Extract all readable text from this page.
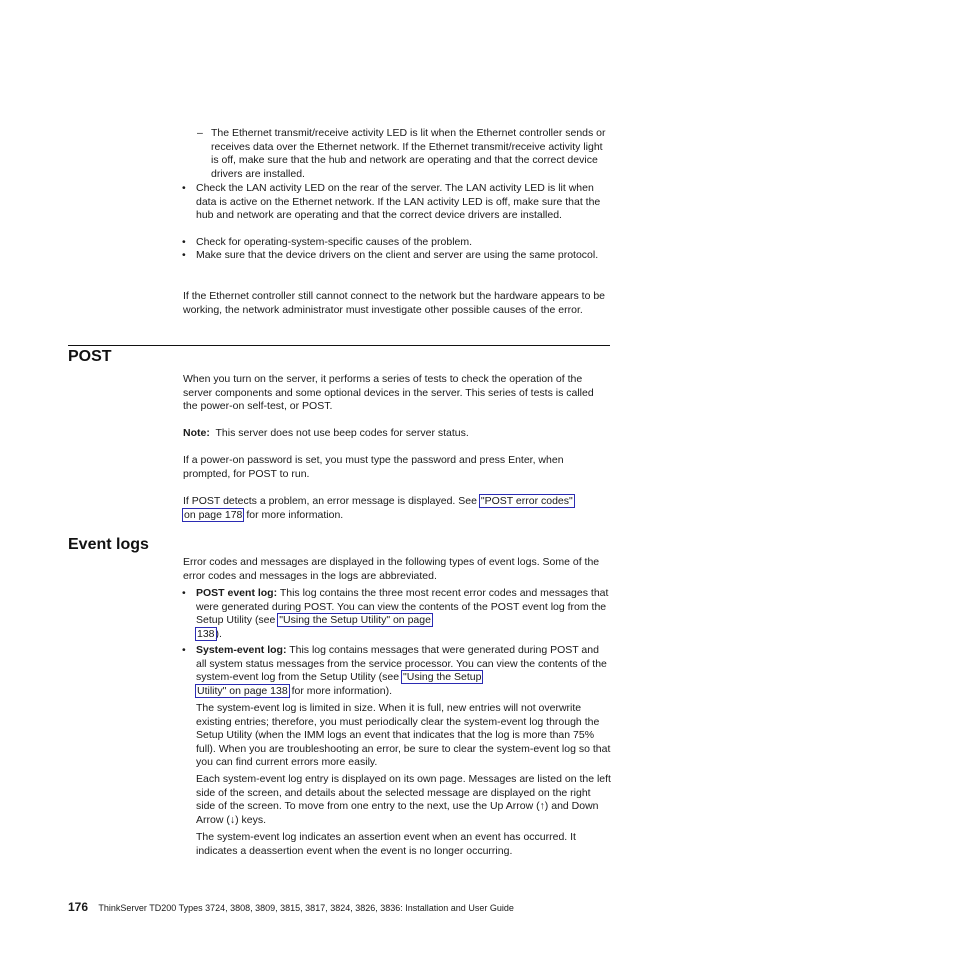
– The Ethernet transmit/receive activity LED is lit when the Ethernet controller sends or receives data over the Ethernet network. If the Ethernet transmit/receive activity light is off, make sure that the hub and network are operating and that the correct device drivers are installed.

• Check the LAN activity LED on the rear of the server. The LAN activity LED is lit when data is active on the Ethernet network. If the LAN activity LED is off, make sure that the hub and network are operating and that the correct device drivers are installed.

• Check for operating-system-specific causes of the problem.

• Make sure that the device drivers on the client and server are using the same protocol.

If the Ethernet controller still cannot connect to the network but the hardware appears to be working, the network administrator must investigate other possible causes of the error.

POST

When you turn on the server, it performs a series of tests to check the operation of the server components and some optional devices in the server. This series of tests is called the power-on self-test, or POST.

Note: This server does not use beep codes for server status.

If a power-on password is set, you must type the password and press Enter, when prompted, for POST to run.

If POST detects a problem, an error message is displayed. See "POST error codes"
on page 178 for more information.

Event logs

Error codes and messages are displayed in the following types of event logs. Some of the error codes and messages in the logs are abbreviated.

• POST event log: This log contains the three most recent error codes and messages that were generated during POST. You can view the contents of the POST event log from the Setup Utility (see "Using the Setup Utility" on page
138).

• System-event log: This log contains messages that were generated during POST and all system status messages from the service processor. You can view the contents of the system-event log from the Setup Utility (see "Using the Setup
Utility" on page 138 for more information).

The system-event log is limited in size. When it is full, new entries will not overwrite existing entries; therefore, you must periodically clear the system-event log through the Setup Utility (when the IMM logs an event that indicates that the log is more than 75% full). When you are troubleshooting an error, be sure to clear the system-event log so that you can find current errors more easily.

Each system-event log entry is displayed on its own page. Messages are listed on the left side of the screen, and details about the selected message are displayed on the right side of the screen. To move from one entry to the next, use the Up Arrow (↑) and Down Arrow (↓) keys.

The system-event log indicates an assertion event when an event has occurred. It indicates a deassertion event when the event is no longer occurring.

176 ThinkServer TD200 Types 3724, 3808, 3809, 3815, 3817, 3824, 3826, 3836: Installation and User Guide
